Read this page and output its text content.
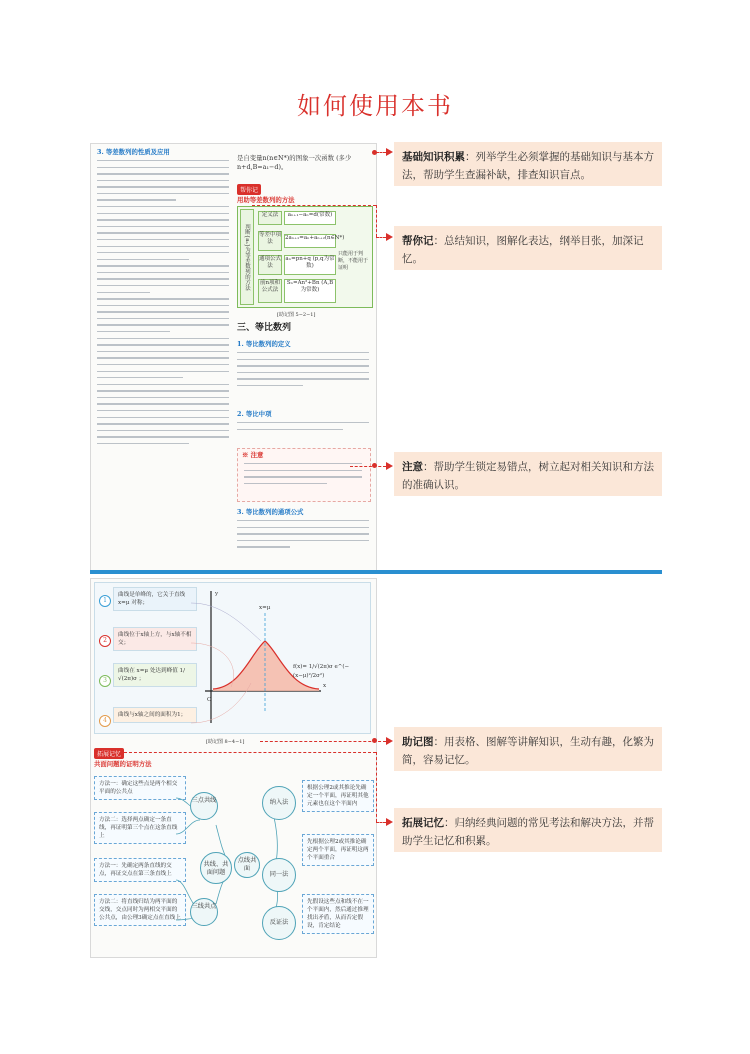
如何使用本书
3. 等差数列的性质及应用
是自变量n(n∈N*)的图象一次函数 (多少n+d,B=a₁−d)。
帮你记
用助等差数列的方法
判断{aₙ}为等差数列的方法
定义法	aₙ₊₁−aₙ=d(常数)
等差中项法
2aₙ₊₁=aₙ+aₙ₊₂(n∈N*)
通项公式法
aₙ=pn+q (p,q为常数)
前n项和公式法
Sₙ=An²+Bn (A,B为常数)
只能用于判断，不能用于证明
[助记图 5−2−1]
三、等比数列
1. 等比数列的定义
2. 等比中项
※ 注意
3. 等比数列的通项公式
1
曲线是单峰的，它关于直线 x=μ 对称；
2
曲线位于x轴上方，与x轴不相交；
3
曲线在 x=μ 处达到峰值 1/√(2π)σ ；
4
曲线与x轴之间的面积为1；
x=μ
O
x
y
f(x)= 1/√(2π)σ e^(−(x−μ)²/2σ²)
[助记图 8−4−1]
拓展记忆
共面问题的证明方法
方法一：确定这些点是两个相交平面的公共点
方法二：选择两点确定一条直线，再证明第三个点在这条直线上
方法一：先确定两条直线的交点，再证交点在第三条直线上
方法二：将直线归结为两平面的交线，交点同时为两相交平面的公共点，由公理3确定点在直线上
三点共线
共线、共面问题
点线共面
三线共点
纳入法
同一法
反证法
根据公理2或其推论先确定一个平面，再证明其他元素也在这个平面内
先根据公理2或其推论确定两个平面，再证明这两个平面重合
先假设这些点和线不在一个平面内，然后通过推理找出矛盾，从而否定假设，肯定结论
基础知识积累：列举学生必须掌握的基础知识与基本方法，帮助学生查漏补缺，排查知识盲点。
帮你记：总结知识，图解化表达，纲举目张，加深记忆。
注意：帮助学生锁定易错点，树立起对相关知识和方法的准确认识。
助记图：用表格、图解等讲解知识，生动有趣，化繁为简，容易记忆。
拓展记忆：归纳经典问题的常见考法和解决方法，并帮助学生记忆和积累。
